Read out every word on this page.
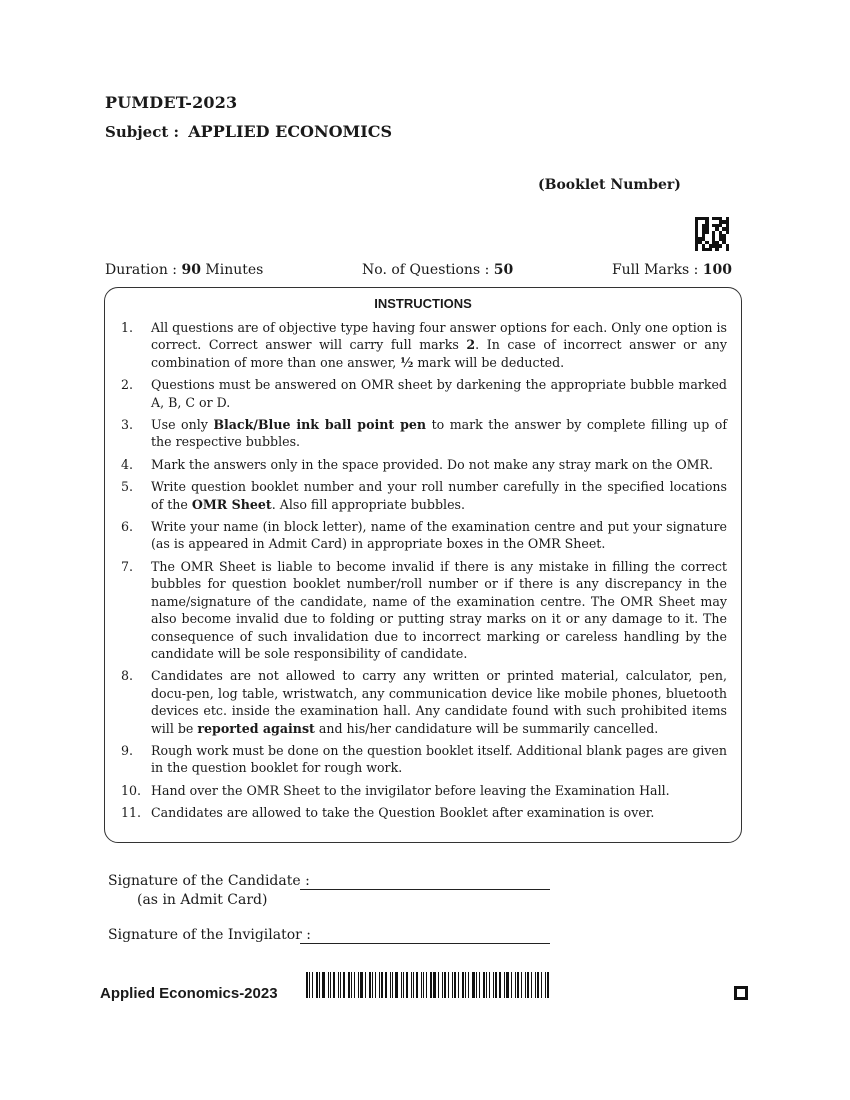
PUMDET-2023
Subject : APPLIED ECONOMICS
(Booklet Number)
Duration : 90 Minutes	No. of Questions : 50	Full Marks : 100
INSTRUCTIONS
1.	All questions are of objective type having four answer options for each. Only one option is correct. Correct answer will carry full marks 2. In case of incorrect answer or any combination of more than one answer, ½ mark will be deducted.
2.	Questions must be answered on OMR sheet by darkening the appropriate bubble marked A, B, C or D.
3.	Use only Black/Blue ink ball point pen to mark the answer by complete filling up of the respective bubbles.
4.	Mark the answers only in the space provided. Do not make any stray mark on the OMR.
5.	Write question booklet number and your roll number carefully in the specified locations of the OMR Sheet. Also fill appropriate bubbles.
6.	Write your name (in block letter), name of the examination centre and put your signature (as is appeared in Admit Card) in appropriate boxes in the OMR Sheet.
7.	The OMR Sheet is liable to become invalid if there is any mistake in filling the correct bubbles for question booklet number/roll number or if there is any discrepancy in the name/signature of the candidate, name of the examination centre. The OMR Sheet may also become invalid due to folding or putting stray marks on it or any damage to it. The consequence of such invalidation due to incorrect marking or careless handling by the candidate will be sole responsibility of candidate.
8.	Candidates are not allowed to carry any written or printed material, calculator, pen, docu-pen, log table, wristwatch, any communication device like mobile phones, bluetooth devices etc. inside the examination hall. Any candidate found with such prohibited items will be reported against and his/her candidature will be summarily cancelled.
9.	Rough work must be done on the question booklet itself. Additional blank pages are given in the question booklet for rough work.
10. Hand over the OMR Sheet to the invigilator before leaving the Examination Hall.
11. Candidates are allowed to take the Question Booklet after examination is over.
Signature of the Candidate :
(as in Admit Card)
Signature of the Invigilator :
Applied Economics-2023
